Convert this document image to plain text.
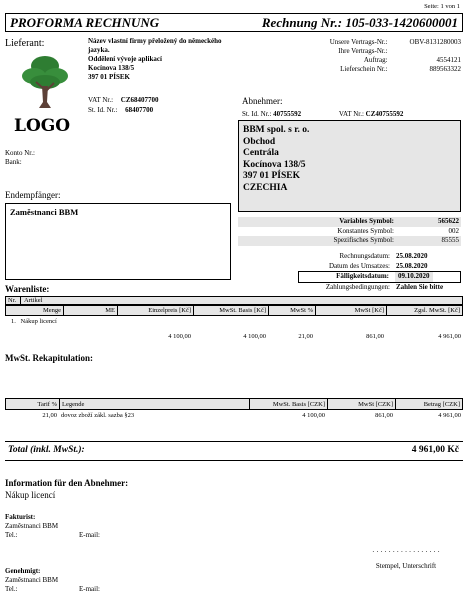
Seite: 1 von 1
PROFORMA RECHNUNG	Rechnung Nr.: 105-033-1420600001
Lieferant:	Název vlastní firmy přeložený do německého
jazyka.
Oddělení vývoje aplikací
Kocínova 138/5
397 01 PÍSEK
LOGO
VAT Nr.: CZ68407700
St. Id. Nr.: 68407700
Konto Nr.:
Bank:
Unsere Vertrags-Nr.:	OBV-8131280003
Ihre Vertrags-Nr.:	
Auftrag:	4554121
Lieferschein Nr.:	889563322
Abnehmer:
St. Id. Nr.: 40755592	VAT Nr.: CZ40755592
BBM spol. s r. o.
Obchod
Centrála
Kocínova 138/5
397 01 PÍSEK
CZECHIA
Endempfänger:
Zaměstnanci BBM
Variables Symbol:	565622
Konstantes Symbol:	002
Spezifisches Symbol:	85555
Rechnungsdatum: 25.08.2020
Datum des Umsatzes: 25.08.2020
Fälligkeitsdatum:	09.10.2020
Zahlungsbedingungen: Zahlen Sie bitte
Warenliste:
Nr.	Artikel
Menge	ME	Einzelpreis [Kč]	MwSt. Basis [Kč]	MwSt %	MwSt [Kč]	Zgsl. MwSt. [Kč]
1. Nákup licencí
		4 100,00	4 100,00	21,00	861,00	4 961,00
MwSt. Rekapitulation:
Tarif %	Legende	MwSt. Basis [CZK]	MwSt [CZK]	Betrag [CZK]
21,00	dovoz zboží zákl. sazba §23	4 100,00	861,00	4 961,00
Total (inkl. MwSt.):	4 961,00 Kč
Information für den Abnehmer:
Nákup licencí
Fakturist:
Zaměstnanci BBM
Tel.:	E-mail:
· · · · · · · · · · · · · · · · ·
Stempel, Unterschrift
Genehmigt:
Zaměstnanci BBM
Tel.:	E-mail:
